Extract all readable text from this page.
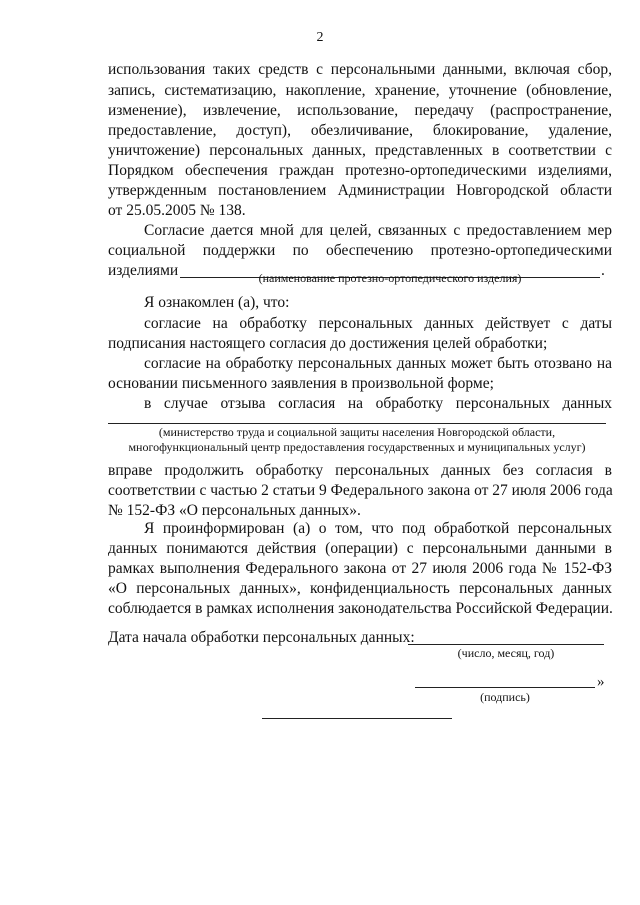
2
использования таких средств с персональными данными, включая сбор,
запись, систематизацию, накопление, хранение, уточнение (обновление,
изменение), извлечение, использование, передачу (распространение,
предоставление, доступ), обезличивание, блокирование, удаление,
уничтожение) персональных данных, представленных в соответствии с
Порядком обеспечения граждан протезно-ортопедическими изделиями,
утвержденным постановлением Администрации Новгородской области
от 25.05.2005 № 138.
Согласие дается мной для целей, связанных с предоставлением мер
социальной поддержки по обеспечению протезно-ортопедическими
изделиями	.
(наименование протезно-ортопедического изделия)
Я ознакомлен (а), что:
согласие на обработку персональных данных действует с даты
подписания настоящего согласия до достижения целей обработки;
согласие на обработку персональных данных может быть отозвано на
основании письменного заявления в произвольной форме;
в случае отзыва согласия на обработку персональных данных
(министерство труда и социальной защиты населения Новгородской области,
многофункциональный центр предоставления государственных и муниципальных услуг)
вправе продолжить обработку персональных данных без согласия в
соответствии с частью 2 статьи 9 Федерального закона от 27 июля 2006 года
№ 152-ФЗ «О персональных данных».
Я проинформирован (а) о том, что под обработкой персональных
данных понимаются действия (операции) с персональными данными в
рамках выполнения Федерального закона от 27 июля 2006 года № 152-ФЗ
«О персональных данных», конфиденциальность персональных данных
соблюдается в рамках исполнения законодательства Российской Федерации.
Дата начала обработки персональных данных:
(число, месяц, год)
»
(подпись)
